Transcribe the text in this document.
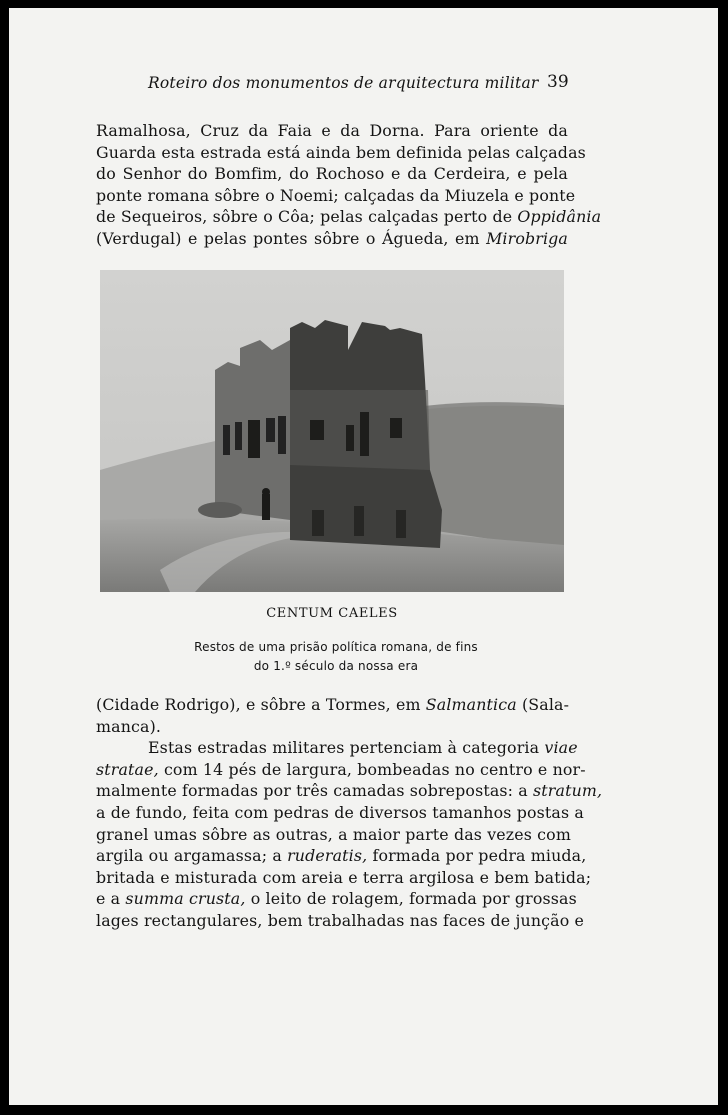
Roteiro dos monumentos de arquitectura militar 39
Ramalhosa, Cruz da Faia e da Dorna. Para oriente da
Guarda esta estrada está ainda bem definida pelas calçadas
do Senhor do Bomfim, do Rochoso e da Cerdeira, e pela
ponte romana sôbre o Noemi; calçadas da Miuzela e ponte
de Sequeiros, sôbre o Côa; pelas calçadas perto de Oppidânia
(Verdugal) e pelas pontes sôbre o Águeda, em Mirobriga
CENTUM CAELES
Restos de uma prisão política romana, de fins
do 1.º século da nossa era
(Cidade Rodrigo), e sôbre a Tormes, em Salmantica (Sala-
manca).
Estas estradas militares pertenciam à categoria viae
stratae, com 14 pés de largura, bombeadas no centro e nor-
malmente formadas por três camadas sobrepostas: a stratum,
a de fundo, feita com pedras de diversos tamanhos postas a
granel umas sôbre as outras, a maior parte das vezes com
argila ou argamassa; a ruderatis, formada por pedra miuda,
britada e misturada com areia e terra argilosa e bem batida;
e a summa crusta, o leito de rolagem, formada por grossas
lages rectangulares, bem trabalhadas nas faces de junção e
